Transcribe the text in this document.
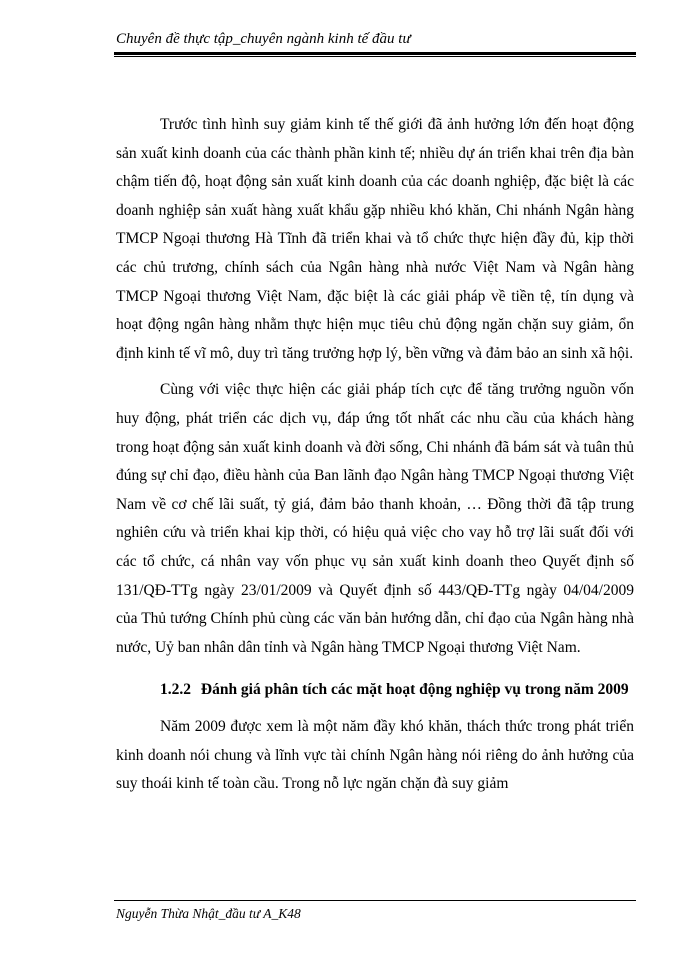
Chuyên đề thực tập_chuyên ngành kinh tế đầu tư

Trước tình hình suy giảm kinh tế thế giới đã ảnh hưởng lớn đến hoạt động sản xuất kinh doanh của các thành phần kinh tế; nhiều dự án triển khai trên địa bàn chậm tiến độ, hoạt động sản xuất kinh doanh của các doanh nghiệp, đặc biệt là các doanh nghiệp sản xuất hàng xuất khẩu gặp nhiều khó khăn, Chi nhánh Ngân hàng TMCP Ngoại thương Hà Tĩnh đã triển khai và tổ chức thực hiện đầy đủ, kịp thời các chủ trương, chính sách của Ngân hàng nhà nước Việt Nam và Ngân hàng TMCP Ngoại thương Việt Nam, đặc biệt là các giải pháp về tiền tệ, tín dụng và hoạt động ngân hàng nhằm thực hiện mục tiêu chủ động ngăn chặn suy giảm, ổn định kinh tế vĩ mô, duy trì tăng trưởng hợp lý, bền vững và đảm bảo an sinh xã hội.

Cùng với việc thực hiện các giải pháp tích cực để tăng trưởng nguồn vốn huy động, phát triển các dịch vụ, đáp ứng tốt nhất các nhu cầu của khách hàng trong hoạt động sản xuất kinh doanh và đời sống, Chi nhánh đã bám sát và tuân thủ đúng sự chỉ đạo, điều hành của Ban lãnh đạo Ngân hàng TMCP Ngoại thương Việt Nam về cơ chế lãi suất, tỷ giá, đảm bảo thanh khoản, … Đồng thời đã tập trung nghiên cứu và triển khai kịp thời, có hiệu quả việc cho vay hỗ trợ lãi suất đối với các tổ chức, cá nhân vay vốn phục vụ sản xuất kinh doanh theo Quyết định số 131/QĐ-TTg ngày 23/01/2009 và Quyết định số 443/QĐ-TTg ngày 04/04/2009 của Thủ tướng Chính phủ cùng các văn bản hướng dẫn, chỉ đạo của Ngân hàng nhà nước, Uỷ ban nhân dân tỉnh và Ngân hàng TMCP Ngoại thương Việt Nam.

1.2.2 Đánh giá phân tích các mặt hoạt động nghiệp vụ trong năm 2009

Năm 2009 được xem là một năm đầy khó khăn, thách thức trong phát triển kinh doanh nói chung và lĩnh vực tài chính Ngân hàng nói riêng do ảnh hưởng của suy thoái kinh tế toàn cầu. Trong nỗ lực ngăn chặn đà suy giảm

Nguyễn Thừa Nhật_đầu tư A_K48
